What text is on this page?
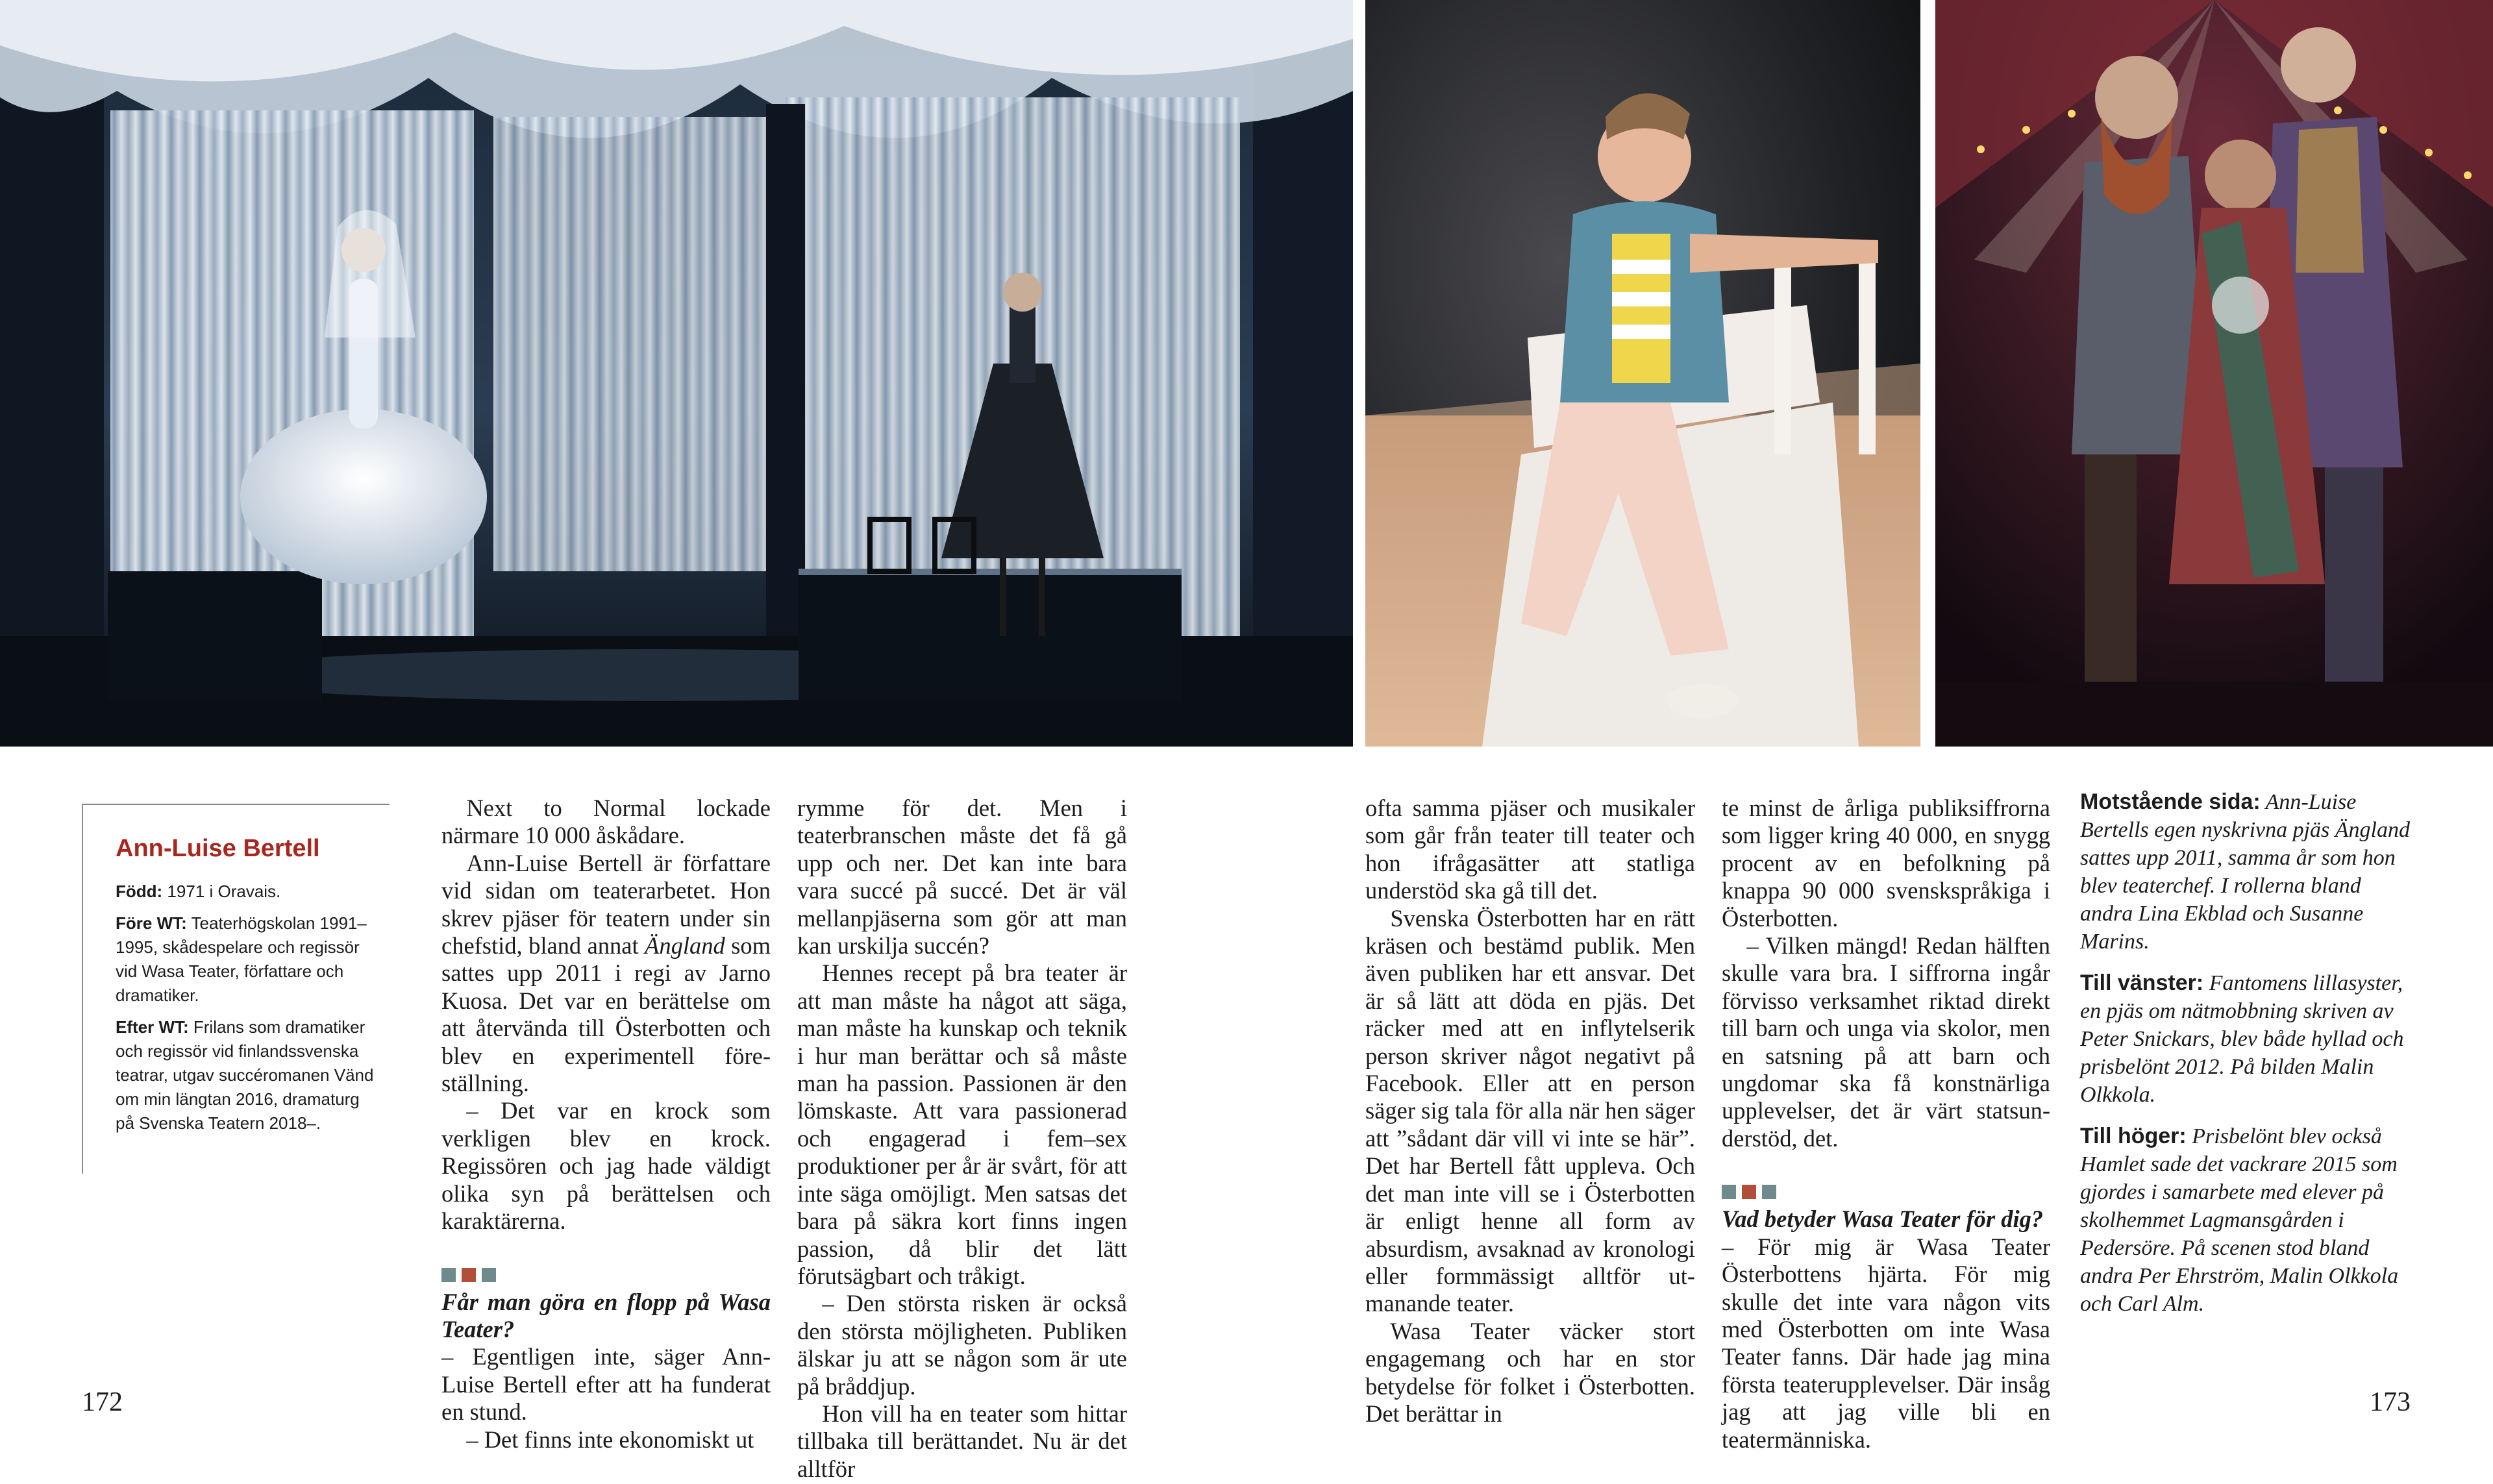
Ann-Luise Bertell

Född: 1971 i Oravais.

Före WT: Teaterhögskolan 1991–1995, skådespelare och regissör vid Wasa Teater, författare och dramatiker.

Efter WT: Frilans som dramatiker och regissör vid finlandssvenska teatrar, utgav succéromanen Vänd om min längtan 2016, dramaturg på Svenska Teatern 2018–.

Next to Normal lockade närmare 10 000 åskådare.

Ann-Luise Bertell är författare vid sidan om teaterarbetet. Hon skrev pjäser för teatern under sin chefstid, bland annat Ängland som sattes upp 2011 i regi av Jarno Kuosa. Det var en berättelse om att återvända till Österbotten och blev en experimentell föreställning.

– Det var en krock som verkligen blev en krock. Regissören och jag hade väldigt olika syn på berättelsen och karaktärerna.

Får man göra en flopp på Wasa Teater?

– Egentligen inte, säger Ann-Luise Bertell efter att ha funderat en stund.

– Det finns inte ekonomiskt ut

rymme för det. Men i teaterbranschen måste det få gå upp och ner. Det kan inte bara vara succé på succé. Det är väl mellanpjäserna som gör att man kan urskilja succén?

Hennes recept på bra teater är att man måste ha något att säga, man måste ha kunskap och teknik i hur man berättar och så måste man ha passion. Passionen är den lömskaste. Att vara passionerad och engagerad i fem–sex produktioner per år är svårt, för att inte säga omöjligt. Men satsas det bara på säkra kort finns ingen passion, då blir det lätt förutsägbart och tråkigt.

– Den största risken är också den största möjligheten. Publiken älskar ju att se någon som är ute på bråddjup.

Hon vill ha en teater som hittar tillbaka till berättandet. Nu är det alltför

ofta samma pjäser och musikaler som går från teater till teater och hon ifrågasätter att statliga understöd ska gå till det.

Svenska Österbotten har en rätt kräsen och bestämd publik. Men även publiken har ett ansvar. Det är så lätt att döda en pjäs. Det räcker med att en inflytelserik person skriver något negativt på Facebook. Eller att en person säger sig tala för alla när hen säger att ”sådant där vill vi inte se här”. Det har Bertell fått uppleva. Och det man inte vill se i Österbotten är enligt henne all form av absurdism, avsaknad av kronologi eller formmässigt alltför utmanande teater.

Wasa Teater väcker stort engagemang och har en stor betydelse för folket i Österbotten. Det berättar in

te minst de årliga publiksiffrorna som ligger kring 40 000, en snygg procent av en befolkning på knappa 90 000 svenskspråkiga i Österbotten.

– Vilken mängd! Redan hälften skulle vara bra. I siffrorna ingår förvisso verksamhet riktad direkt till barn och unga via skolor, men en satsning på att barn och ungdomar ska få konstnärliga upplevelser, det är värt statsunderstöd, det.

Vad betyder Wasa Teater för dig?

– För mig är Wasa Teater Österbottens hjärta. För mig skulle det inte vara någon vits med Österbotten om inte Wasa Teater fanns. Där hade jag mina första teaterupplevelser. Där insåg jag att jag ville bli en teatermänniska.

Motstående sida: Ann-Luise Bertells egen nyskrivna pjäs Ängland sattes upp 2011, samma år som hon blev teaterchef. I rollerna bland andra Lina Ekblad och Susanne Marins.

Till vänster: Fantomens lillasyster, en pjäs om nätmobbning skriven av Peter Snickars, blev både hyllad och prisbelönt 2012. På bilden Malin Olkkola.

Till höger: Prisbelönt blev också Hamlet sade det vackrare 2015 som gjordes i samarbete med elever på skolhemmet Lagmansgården i Pedersöre. På scenen stod bland andra Per Ehrström, Malin Olkkola och Carl Alm.

172	173
